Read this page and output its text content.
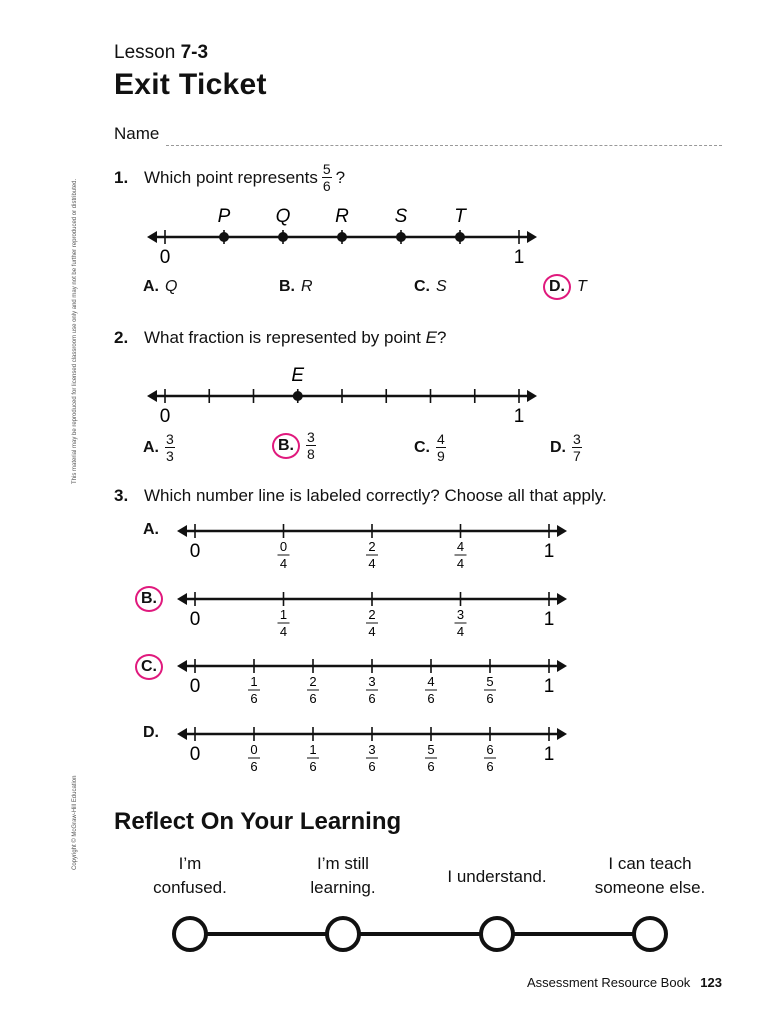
Lesson 7-3
Exit Ticket
Name
This material may be reproduced for licensed classroom use only and may not be further reproduced or distributed.
Copyright © McGraw-Hill Education
1. Which point represents $\frac{5}{6}$ ?
P Q R S T
0	1
A. Q	B. R	C. S	D. T
2. What fraction is represented by point E?
E
0	1
A. $\frac{3}{3}$	B. $\frac{3}{8}$	C. $\frac{4}{9}$	D. $\frac{3}{7}$
3. Which number line is labeled correctly? Choose all that apply.
A.
B.
C.
D.
0
4
2
4
4
4
0	1
1
4
2
4
3
4
0	1
1
6
2
6
3
6
4
6
5
6
0	1
0
6
1
6
3
6
5
6
6
6
0	1
Reflect On Your Learning
I’m
confused.
I’m still
learning.
I understand.
I can teach
someone else.
Assessment Resource Book 123
